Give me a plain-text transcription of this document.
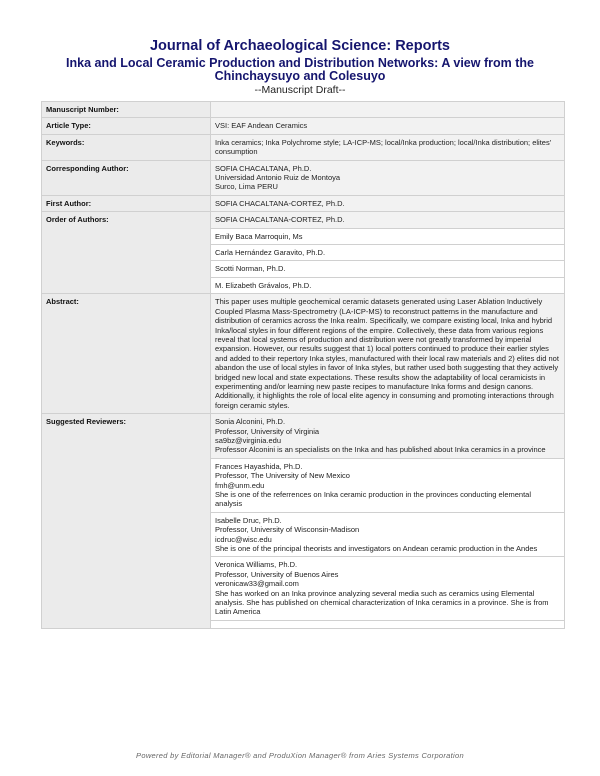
Journal of Archaeological Science: Reports
Inka and Local Ceramic Production and Distribution Networks: A view from the Chinchaysuyo and Colesuyo
--Manuscript Draft--
Manuscript Number:	
Article Type:	VSI: EAF Andean Ceramics
Keywords:	Inka ceramics; Inka Polychrome style; LA-ICP-MS; local/Inka production; local/Inka distribution; elites' consumption
Corresponding Author:	SOFIA CHACALTANA, Ph.D.
Universidad Antonio Ruiz de Montoya
Surco, Lima PERU
First Author:	SOFIA CHACALTANA-CORTEZ, Ph.D.
Order of Authors:	SOFIA CHACALTANA-CORTEZ, Ph.D.
	Emily Baca Marroquin, Ms
	Carla Hernández Garavito, Ph.D.
	Scotti Norman, Ph.D.
	M. Elizabeth Grávalos, Ph.D.
Abstract:	This paper uses multiple geochemical ceramic datasets generated using Laser Ablation Inductively Coupled Plasma Mass-Spectrometry (LA-ICP-MS) to reconstruct patterns in the manufacture and distribution of ceramics across the Inka realm. Specifically, we compare existing local, Inka and hybrid Inka/local styles in four different regions of the empire. Collectively, these data from various regions reveal that local systems of production and distribution were not greatly transformed by imperial expansion. However, our results suggest that 1) local potters continued to produce their earlier styles and added to their repertory Inka styles, manufactured with their local raw materials and 2) elites did not abandon the use of local styles in favor of Inka styles, but rather used both suggesting that they actively bridged new local and state expectations. These results show the adaptability of local ceramicists in experimenting and/or learning new paste recipes to manufacture Inka forms and design canons. Additionally, it highlights the role of local elite agency in consuming and promoting interactions through foreign ceramic styles.
Suggested Reviewers:	Sonia Alconini, Ph.D.
Professor, University of Virginia
sa9bz@virginia.edu
Professor Alconini is an specialists on the Inka and has published about Inka ceramics in a province
	Frances Hayashida, Ph.D.
Professor, The University of New Mexico
fmh@unm.edu
She is one of the referrences on Inka ceramic production in the provinces conducting elemental analysis
	Isabelle Druc, Ph.D.
Professor, University of Wisconsin-Madison
icdruc@wisc.edu
She is one of the principal theorists and investigators on Andean ceramic production in the Andes
	Veronica Williams, Ph.D.
Professor, University of Buenos Aires
veronicaw33@gmail.com
She has worked on an Inka province analyzing several media such as ceramics using Elemental analysis. She has published on chemical characterization of Inka ceramics in a province. She is from Latin America

Powered by Editorial Manager® and ProduXion Manager® from Aries Systems Corporation
